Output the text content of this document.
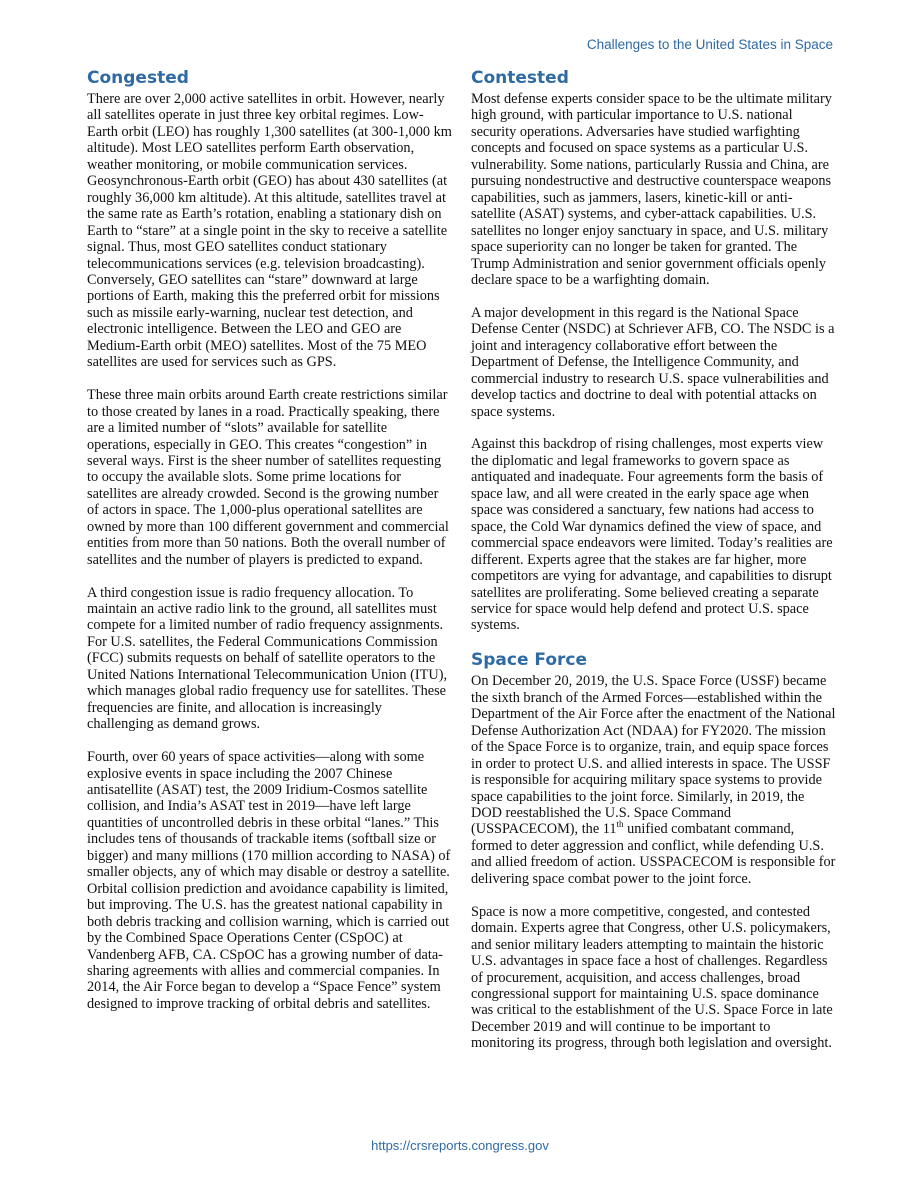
Challenges to the United States in Space
Congested

There are over 2,000 active satellites in orbit. However, nearly all satellites operate in just three key orbital regimes. Low-Earth orbit (LEO) has roughly 1,300 satellites (at 300-1,000 km altitude). Most LEO satellites perform Earth observation, weather monitoring, or mobile communication services. Geosynchronous-Earth orbit (GEO) has about 430 satellites (at roughly 36,000 km altitude). At this altitude, satellites travel at the same rate as Earth’s rotation, enabling a stationary dish on Earth to “stare” at a single point in the sky to receive a satellite signal. Thus, most GEO satellites conduct stationary telecommunications services (e.g. television broadcasting). Conversely, GEO satellites can “stare” downward at large portions of Earth, making this the preferred orbit for missions such as missile early-warning, nuclear test detection, and electronic intelligence. Between the LEO and GEO are Medium-Earth orbit (MEO) satellites. Most of the 75 MEO satellites are used for services such as GPS.

These three main orbits around Earth create restrictions similar to those created by lanes in a road. Practically speaking, there are a limited number of “slots” available for satellite operations, especially in GEO. This creates “congestion” in several ways. First is the sheer number of satellites requesting to occupy the available slots. Some prime locations for satellites are already crowded. Second is the growing number of actors in space. The 1,000-plus operational satellites are owned by more than 100 different government and commercial entities from more than 50 nations. Both the overall number of satellites and the number of players is predicted to expand.

A third congestion issue is radio frequency allocation. To maintain an active radio link to the ground, all satellites must compete for a limited number of radio frequency assignments. For U.S. satellites, the Federal Communications Commission (FCC) submits requests on behalf of satellite operators to the United Nations International Telecommunication Union (ITU), which manages global radio frequency use for satellites. These frequencies are finite, and allocation is increasingly challenging as demand grows.

Fourth, over 60 years of space activities—along with some explosive events in space including the 2007 Chinese antisatellite (ASAT) test, the 2009 Iridium-Cosmos satellite collision, and India’s ASAT test in 2019—have left large quantities of uncontrolled debris in these orbital “lanes.” This includes tens of thousands of trackable items (softball size or bigger) and many millions (170 million according to NASA) of smaller objects, any of which may disable or destroy a satellite. Orbital collision prediction and avoidance capability is limited, but improving. The U.S. has the greatest national capability in both debris tracking and collision warning, which is carried out by the Combined Space Operations Center (CSpOC) at Vandenberg AFB, CA. CSpOC has a growing number of data-sharing agreements with allies and commercial companies. In 2014, the Air Force began to develop a “Space Fence” system designed to improve tracking of orbital debris and satellites.

Contested

Most defense experts consider space to be the ultimate military high ground, with particular importance to U.S. national security operations. Adversaries have studied warfighting concepts and focused on space systems as a particular U.S. vulnerability. Some nations, particularly Russia and China, are pursuing nondestructive and destructive counterspace weapons capabilities, such as jammers, lasers, kinetic-kill or anti-satellite (ASAT) systems, and cyber-attack capabilities. U.S. satellites no longer enjoy sanctuary in space, and U.S. military space superiority can no longer be taken for granted. The Trump Administration and senior government officials openly declare space to be a warfighting domain.

A major development in this regard is the National Space Defense Center (NSDC) at Schriever AFB, CO. The NSDC is a joint and interagency collaborative effort between the Department of Defense, the Intelligence Community, and commercial industry to research U.S. space vulnerabilities and develop tactics and doctrine to deal with potential attacks on space systems.

Against this backdrop of rising challenges, most experts view the diplomatic and legal frameworks to govern space as antiquated and inadequate. Four agreements form the basis of space law, and all were created in the early space age when space was considered a sanctuary, few nations had access to space, the Cold War dynamics defined the view of space, and commercial space endeavors were limited. Today’s realities are different. Experts agree that the stakes are far higher, more competitors are vying for advantage, and capabilities to disrupt satellites are proliferating. Some believed creating a separate service for space would help defend and protect U.S. space systems.

Space Force

On December 20, 2019, the U.S. Space Force (USSF) became the sixth branch of the Armed Forces—established within the Department of the Air Force after the enactment of the National Defense Authorization Act (NDAA) for FY2020. The mission of the Space Force is to organize, train, and equip space forces in order to protect U.S. and allied interests in space. The USSF is responsible for acquiring military space systems to provide space capabilities to the joint force. Similarly, in 2019, the DOD reestablished the U.S. Space Command (USSPACECOM), the 11th unified combatant command, formed to deter aggression and conflict, while defending U.S. and allied freedom of action. USSPACECOM is responsible for delivering space combat power to the joint force.

Space is now a more competitive, congested, and contested domain. Experts agree that Congress, other U.S. policymakers, and senior military leaders attempting to maintain the historic U.S. advantages in space face a host of challenges. Regardless of procurement, acquisition, and access challenges, broad congressional support for maintaining U.S. space dominance was critical to the establishment of the U.S. Space Force in late December 2019 and will continue to be important to monitoring its progress, through both legislation and oversight.

https://crsreports.congress.gov
